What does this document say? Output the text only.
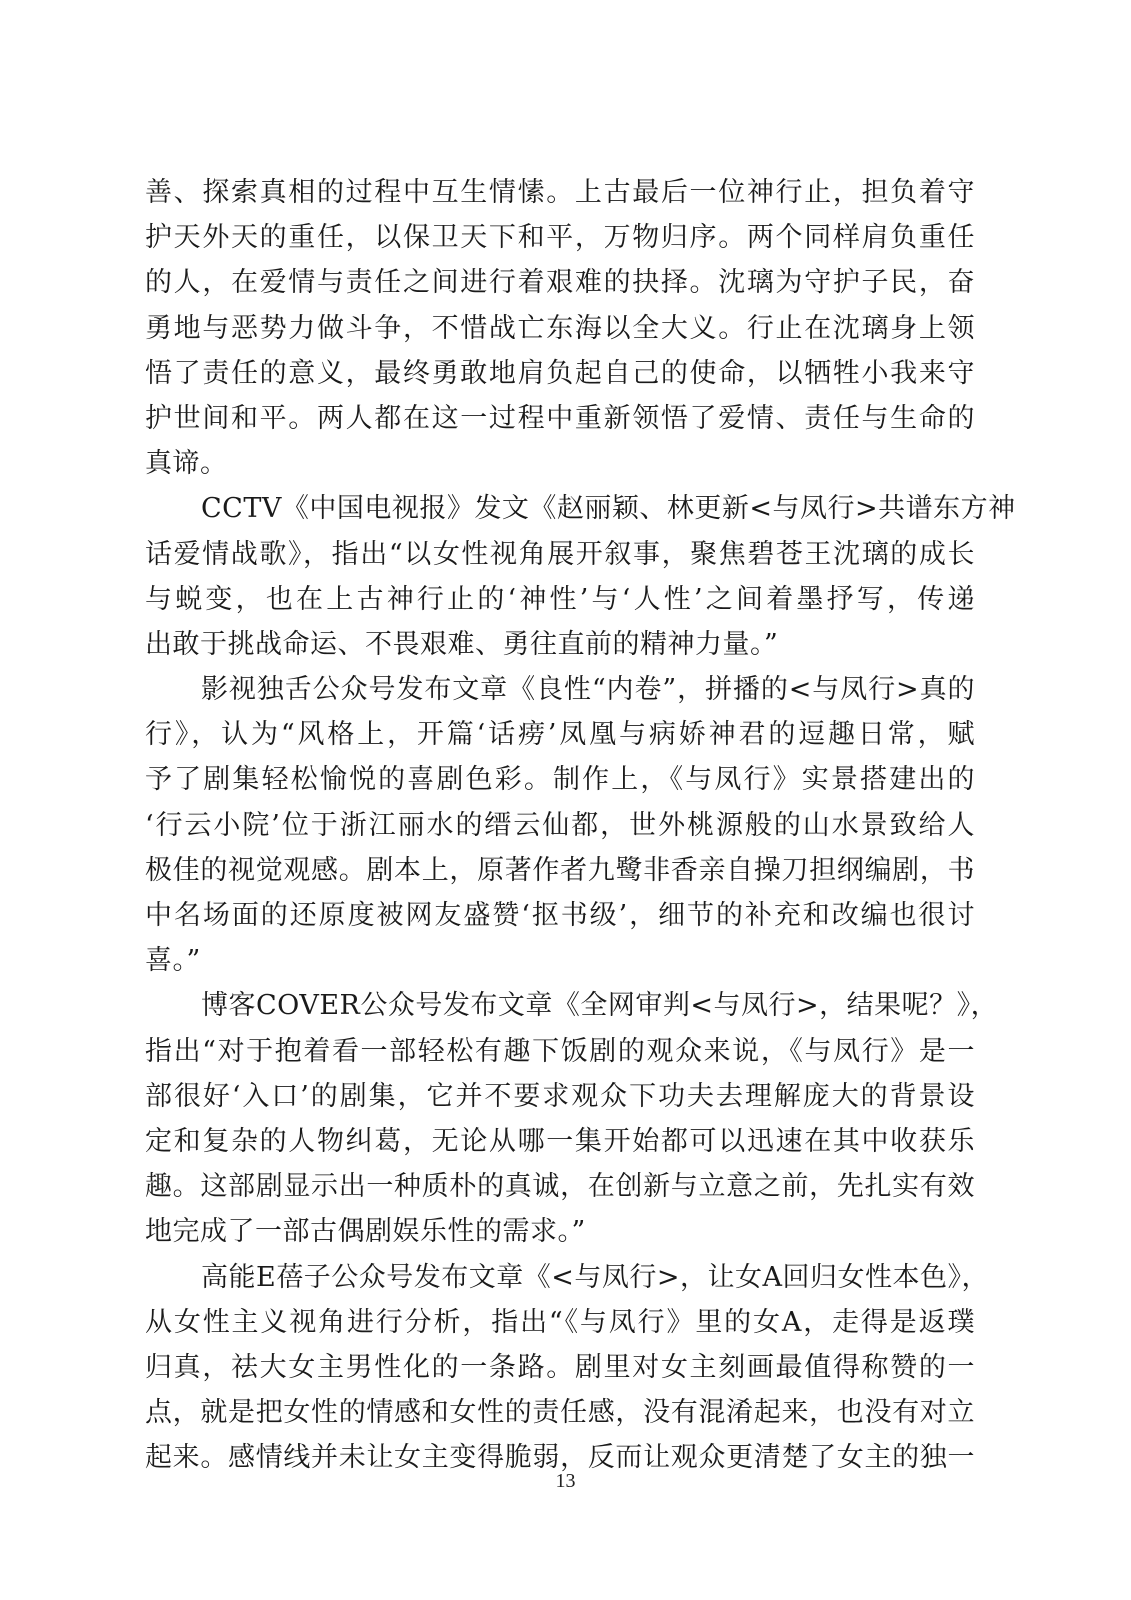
善、探索真相的过程中互生情愫。上古最后一位神行止，担负着守
护天外天的重任，以保卫天下和平，万物归序。两个同样肩负重任
的人，在爱情与责任之间进行着艰难的抉择。沈璃为守护子民，奋
勇地与恶势力做斗争，不惜战亡东海以全大义。行止在沈璃身上领
悟了责任的意义，最终勇敢地肩负起自己的使命，以牺牲小我来守
护世间和平。两人都在这一过程中重新领悟了爱情、责任与生命的
真谛。
CCTV《中国电视报》发文《赵丽颖、林更新<与凤行>共谱东方神
话爱情战歌》，指出“以女性视角展开叙事，聚焦碧苍王沈璃的成长
与蜕变，也在上古神行止的‘神性’与‘人性’之间着墨抒写，传递
出敢于挑战命运、不畏艰难、勇往直前的精神力量。”
影视独舌公众号发布文章《良性“内卷”，拼播的<与凤行>真的
行》，认为“风格上，开篇‘话痨’凤凰与病娇神君的逗趣日常，赋
予了剧集轻松愉悦的喜剧色彩。制作上，《与凤行》实景搭建出的
‘行云小院’位于浙江丽水的缙云仙都，世外桃源般的山水景致给人
极佳的视觉观感。剧本上，原著作者九鹭非香亲自操刀担纲编剧，书
中名场面的还原度被网友盛赞‘抠书级’，细节的补充和改编也很讨
喜。”
博客COVER公众号发布文章《全网审判<与凤行>，结果呢？》，
指出“对于抱着看一部轻松有趣下饭剧的观众来说，《与凤行》是一
部很好‘入口’的剧集，它并不要求观众下功夫去理解庞大的背景设
定和复杂的人物纠葛，无论从哪一集开始都可以迅速在其中收获乐
趣。这部剧显示出一种质朴的真诚，在创新与立意之前，先扎实有效
地完成了一部古偶剧娱乐性的需求。”
高能E蓓子公众号发布文章《<与凤行>，让女A回归女性本色》，
从女性主义视角进行分析，指出“《与凤行》里的女A，走得是返璞
归真，祛大女主男性化的一条路。剧里对女主刻画最值得称赞的一
点，就是把女性的情感和女性的责任感，没有混淆起来，也没有对立
起来。感情线并未让女主变得脆弱，反而让观众更清楚了女主的独一
13
